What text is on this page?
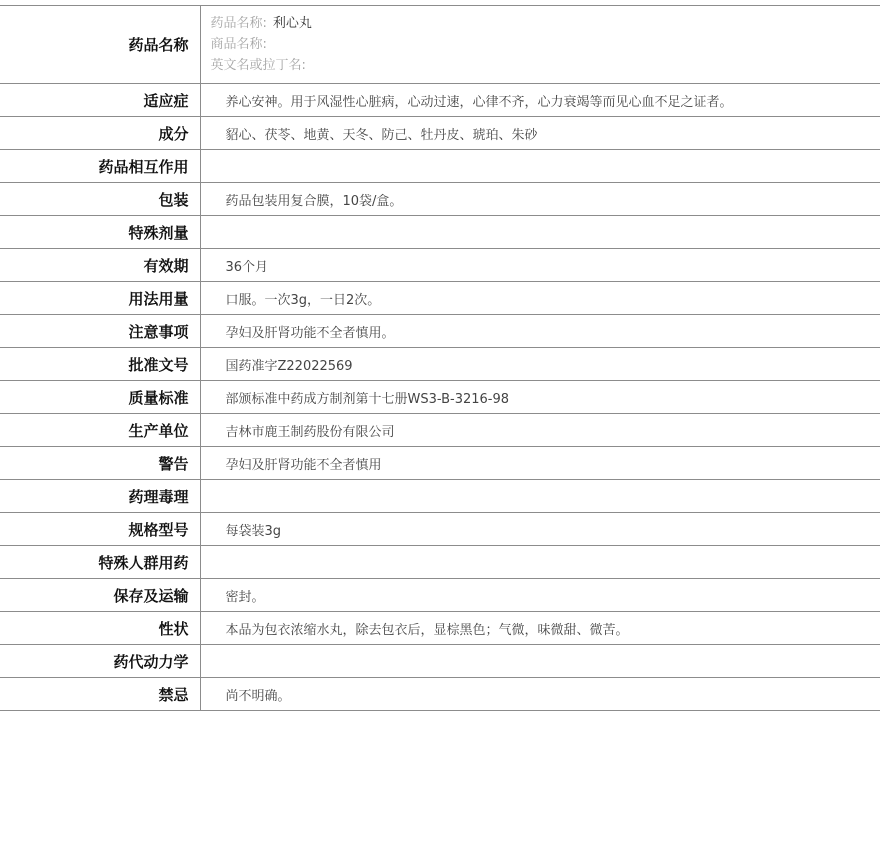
药品名称	药品名称: 利心丸
商品名称:
英文名或拉丁名:

适应症	养心安神。用于风湿性心脏病，心动过速，心律不齐，心力衰竭等而见心血不足之证者。
成分	貂心、茯苓、地黄、天冬、防己、牡丹皮、琥珀、朱砂
药品相互作用	
包装	药品包装用复合膜，10袋/盒。
特殊剂量	
有效期	36个月
用法用量	口服。一次3g，一日2次。
注意事项	孕妇及肝肾功能不全者慎用。
批准文号	国药准字Z22022569
质量标准	部颁标准中药成方制剂第十七册WS3-B-3216-98
生产单位	吉林市鹿王制药股份有限公司
警告	孕妇及肝肾功能不全者慎用
药理毒理	
规格型号	每袋装3g
特殊人群用药	
保存及运输	密封。
性状	本品为包衣浓缩水丸，除去包衣后，显棕黑色；气微，味微甜、微苦。
药代动力学	
禁忌	尚不明确。
